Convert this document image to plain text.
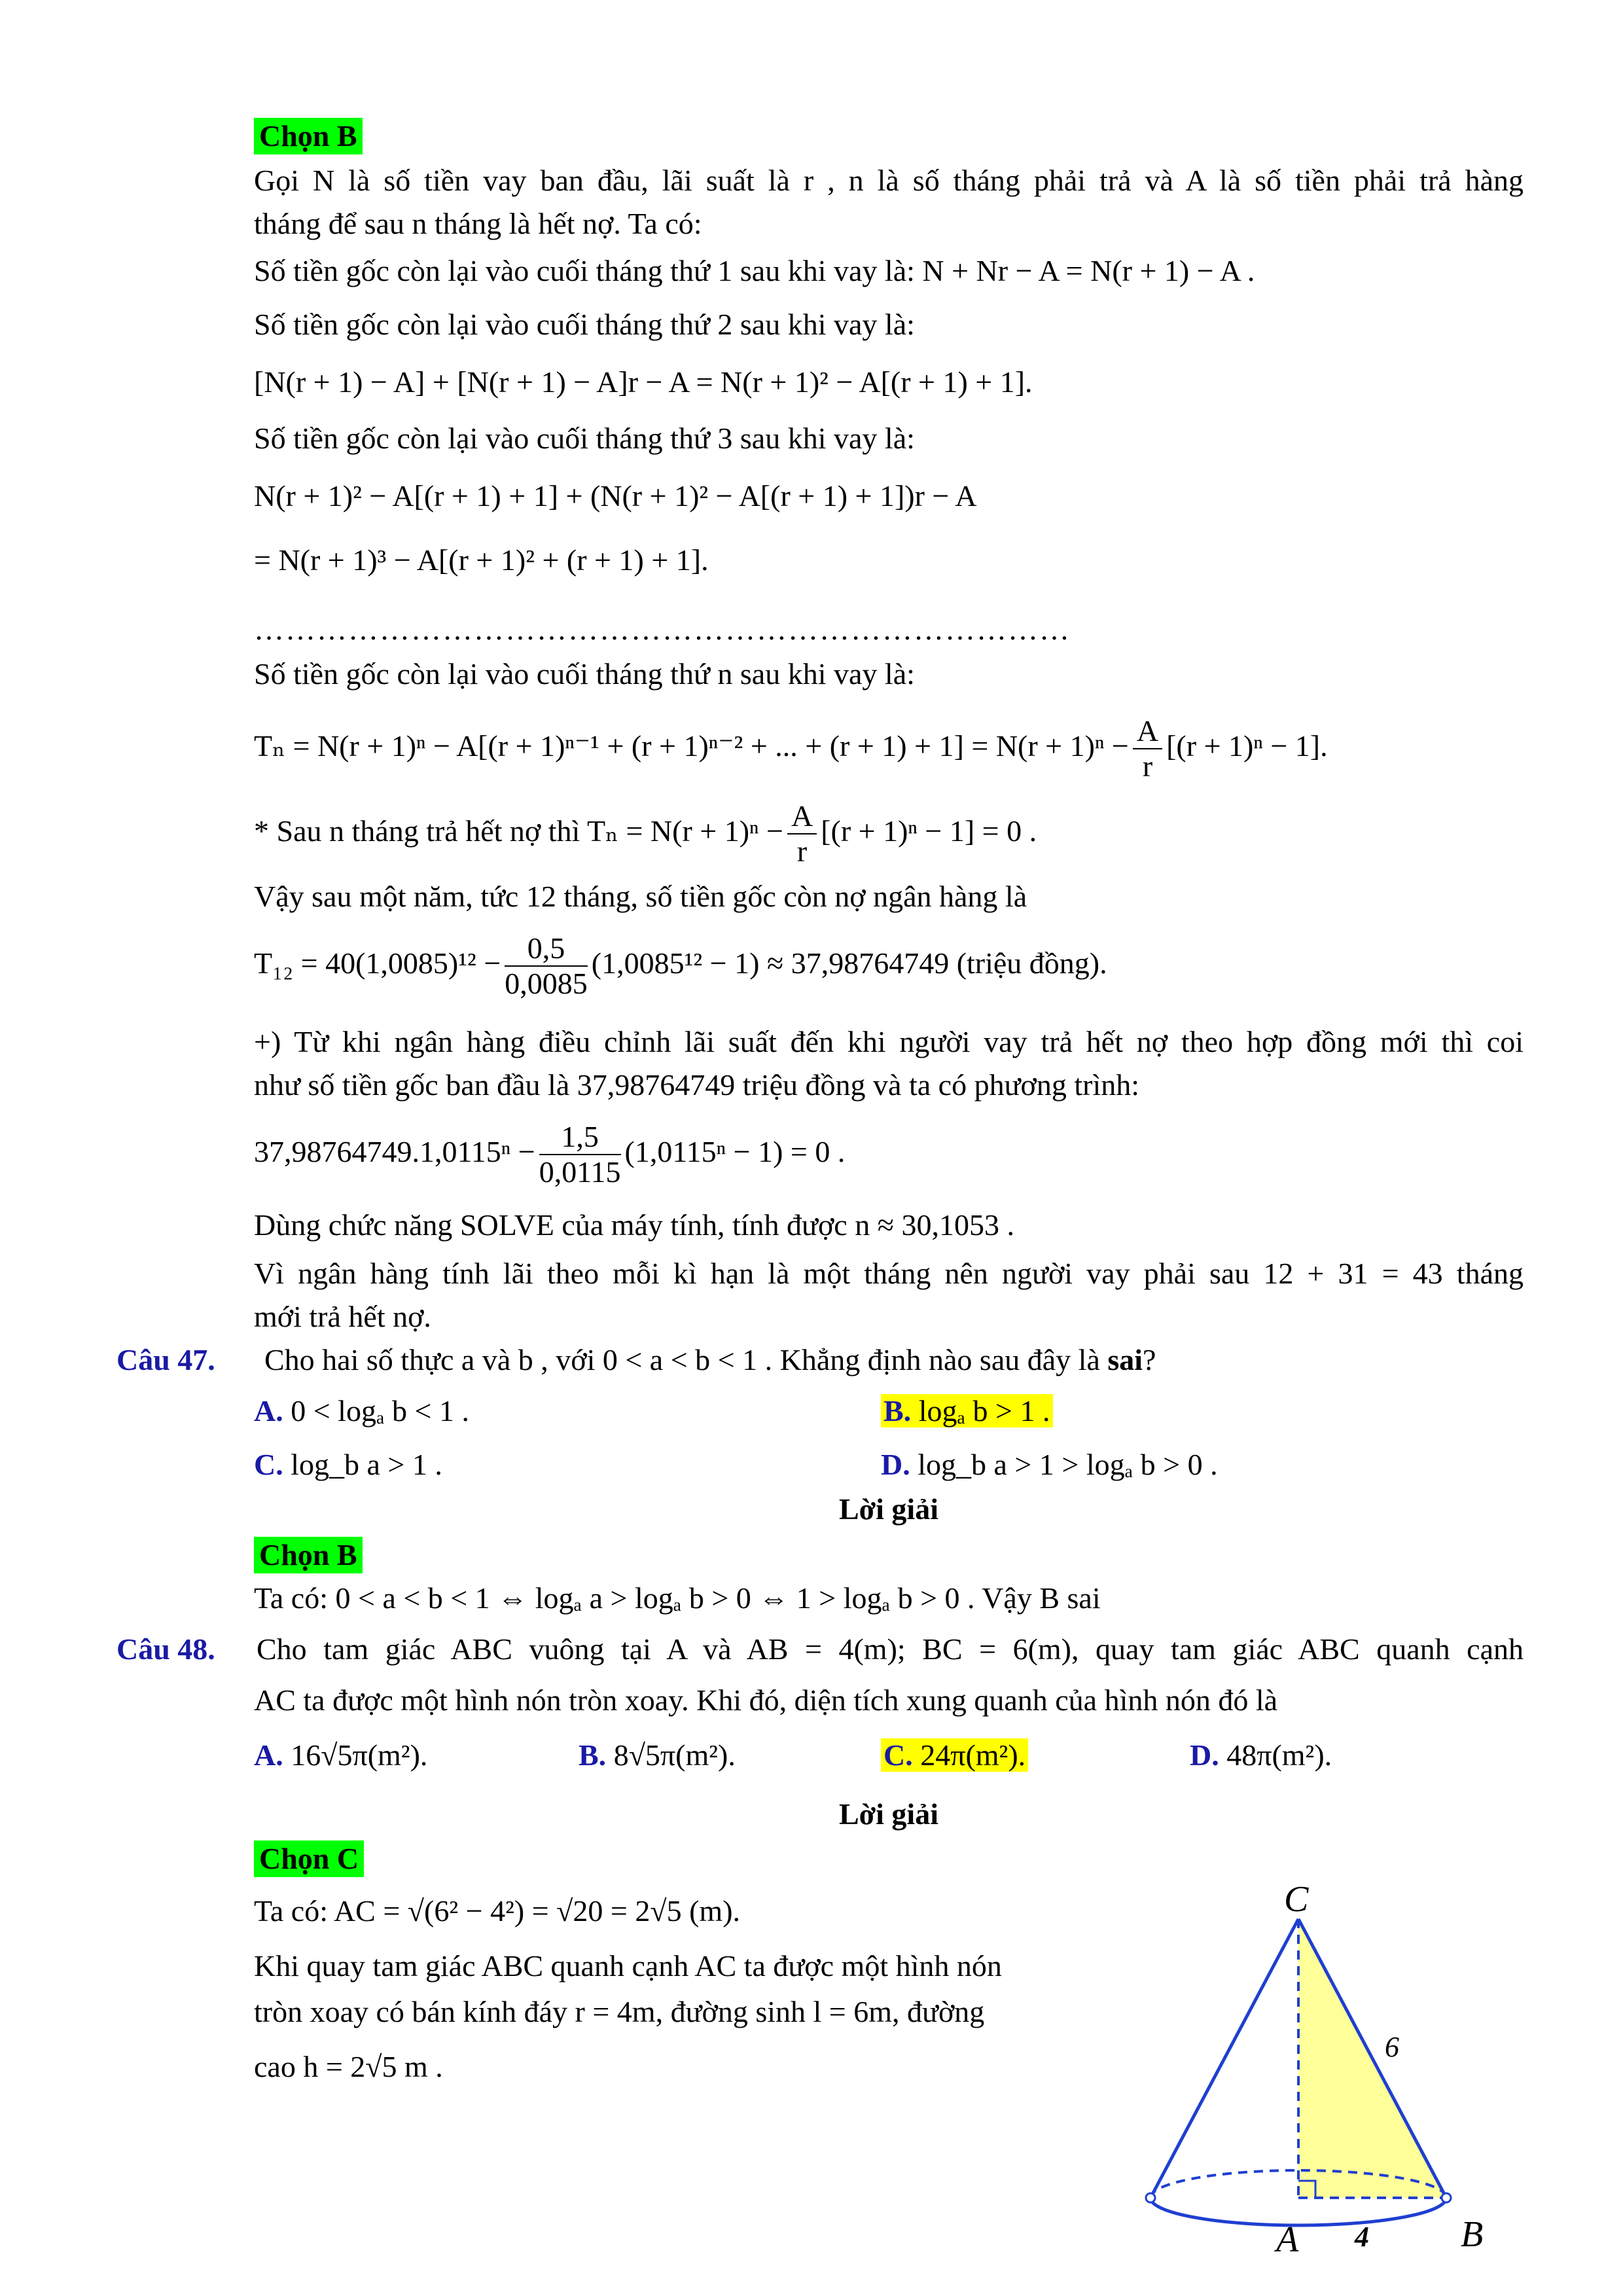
Chọn B
Gọi N là số tiền vay ban đầu, lãi suất là r , n là số tháng phải trả và A là số tiền phải trả hàng
tháng để sau n tháng là hết nợ. Ta có:
Số tiền gốc còn lại vào cuối tháng thứ 1 sau khi vay là: N + Nr − A = N(r + 1) − A .
Số tiền gốc còn lại vào cuối tháng thứ 2 sau khi vay là:
[N(r + 1) − A] + [N(r + 1) − A]r − A = N(r + 1)² − A[(r + 1) + 1].
Số tiền gốc còn lại vào cuối tháng thứ 3 sau khi vay là:
N(r + 1)² − A[(r + 1) + 1] + (N(r + 1)² − A[(r + 1) + 1])r − A
= N(r + 1)³ − A[(r + 1)² + (r + 1) + 1].
……………………………………………………………………
Số tiền gốc còn lại vào cuối tháng thứ n sau khi vay là:
Tₙ = N(r + 1)ⁿ − A[(r + 1)ⁿ⁻¹ + (r + 1)ⁿ⁻² + ... + $(r + 1) + 1] = N(r + 1)^n - \frac{A}{r} [(r + 1)^n - 1]$.
* Sau n tháng trả hết nợ thì $T_n = N(r + 1)^n - \frac{A}{r} [(r + 1)^n - 1] = 0$ .
Vậy sau một năm, tức 12 tháng, số tiền gốc còn nợ ngân hàng là
$T_{12} = 40(1,0085)^{12} - \frac{0,5}{0,0085} (1,0085^{12} - 1) \approx 37,98764749$ (triệu đồng).
+) Từ khi ngân hàng điều chỉnh lãi suất đến khi người vay trả hết nợ theo hợp đồng mới thì coi
như số tiền gốc ban đầu là 37,98764749 triệu đồng và ta có phương trình:
$37,98764749.1,0115^n - \frac{1,5}{0,0115} (1,0115^n - 1) = 0$ .
Dùng chức năng SOLVE của máy tính, tính được n ≈ 30,1053 .
Vì ngân hàng tính lãi theo mỗi kì hạn là một tháng nên người vay phải sau 12 + 31 = 43 tháng
mới trả hết nợ.
Câu 47. Cho hai số thực a và b , với 0 < a < b < 1 . Khẳng định nào sau đây là sai?
A. 0 < logₐ b < 1 .	B. logₐ b > 1 .
C. log_b a > 1 .	D. log_b a > 1 > logₐ b > 0 .
Lời giải
Chọn B
Ta có: 0 < a < b < 1 ⇔ logₐ a > logₐ b > 0 ⇔ 1 > logₐ b > 0 . Vậy B sai
Câu 48. Cho tam giác ABC vuông tại A và AB = 4(m); BC = 6(m), quay tam giác ABC quanh cạnh
AC ta được một hình nón tròn xoay. Khi đó, diện tích xung quanh của hình nón đó là
A. 16√5π(m²).	B. 8√5π(m²).	C. 24π(m²).	D. 48π(m²).
Lời giải
Chọn C
Ta có: AC = √(6² − 4²) = √20 = 2√5 (m).
Khi quay tam giác ABC quanh cạnh AC ta được một hình nón
tròn xoay có bán kính đáy r = 4m, đường sinh l = 6m, đường
cao h = 2√5 m .
C
6
A 4	B
